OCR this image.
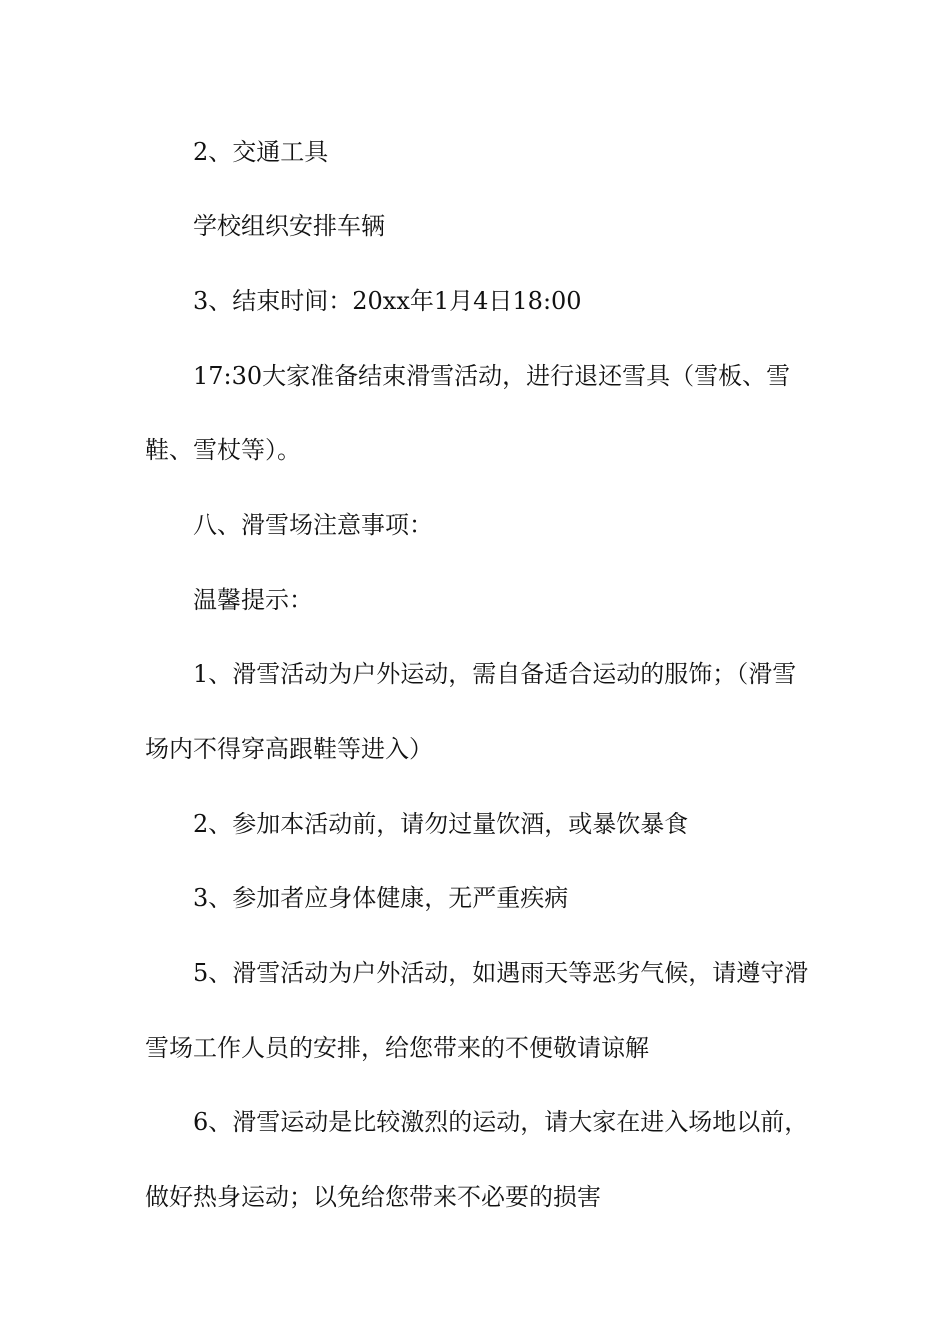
2、交通工具
学校组织安排车辆
3、结束时间：20xx年1月4日18:00
17:30大家准备结束滑雪活动，进行退还雪具（雪板、雪
鞋、雪杖等）。
八、滑雪场注意事项：
温馨提示：
1、滑雪活动为户外运动，需自备适合运动的服饰；（滑雪
场内不得穿高跟鞋等进入）
2、参加本活动前，请勿过量饮酒，或暴饮暴食
3、参加者应身体健康，无严重疾病
5、滑雪活动为户外活动，如遇雨天等恶劣气候，请遵守滑
雪场工作人员的安排，给您带来的不便敬请谅解
6、滑雪运动是比较激烈的运动，请大家在进入场地以前，
做好热身运动；以免给您带来不必要的损害
